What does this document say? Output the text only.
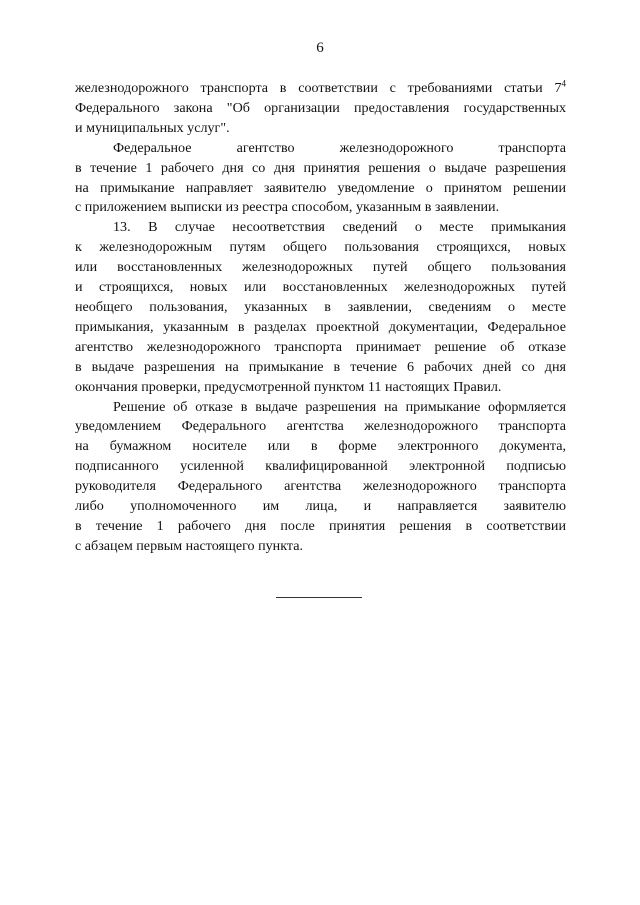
6

железнодорожного транспорта в соответствии с требованиями статьи $7^4$
Федерального закона "Об организации предоставления государственных
и муниципальных услуг".

Федеральное агентство железнодорожного транспорта
в течение 1 рабочего дня со дня принятия решения о выдаче разрешения
на примыкание направляет заявителю уведомление о принятом решении
с приложением выписки из реестра способом, указанным в заявлении.

13. В случае несоответствия сведений о месте примыкания
к железнодорожным путям общего пользования строящихся, новых
или восстановленных железнодорожных путей общего пользования
и строящихся, новых или восстановленных железнодорожных путей
необщего пользования, указанных в заявлении, сведениям о месте
примыкания, указанным в разделах проектной документации, Федеральное
агентство железнодорожного транспорта принимает решение об отказе
в выдаче разрешения на примыкание в течение 6 рабочих дней со дня
окончания проверки, предусмотренной пунктом 11 настоящих Правил.

Решение об отказе в выдаче разрешения на примыкание оформляется
уведомлением Федерального агентства железнодорожного транспорта
на бумажном носителе или в форме электронного документа,
подписанного усиленной квалифицированной электронной подписью
руководителя Федерального агентства железнодорожного транспорта
либо уполномоченного им лица, и направляется заявителю
в течение 1 рабочего дня после принятия решения в соответствии
с абзацем первым настоящего пункта.
